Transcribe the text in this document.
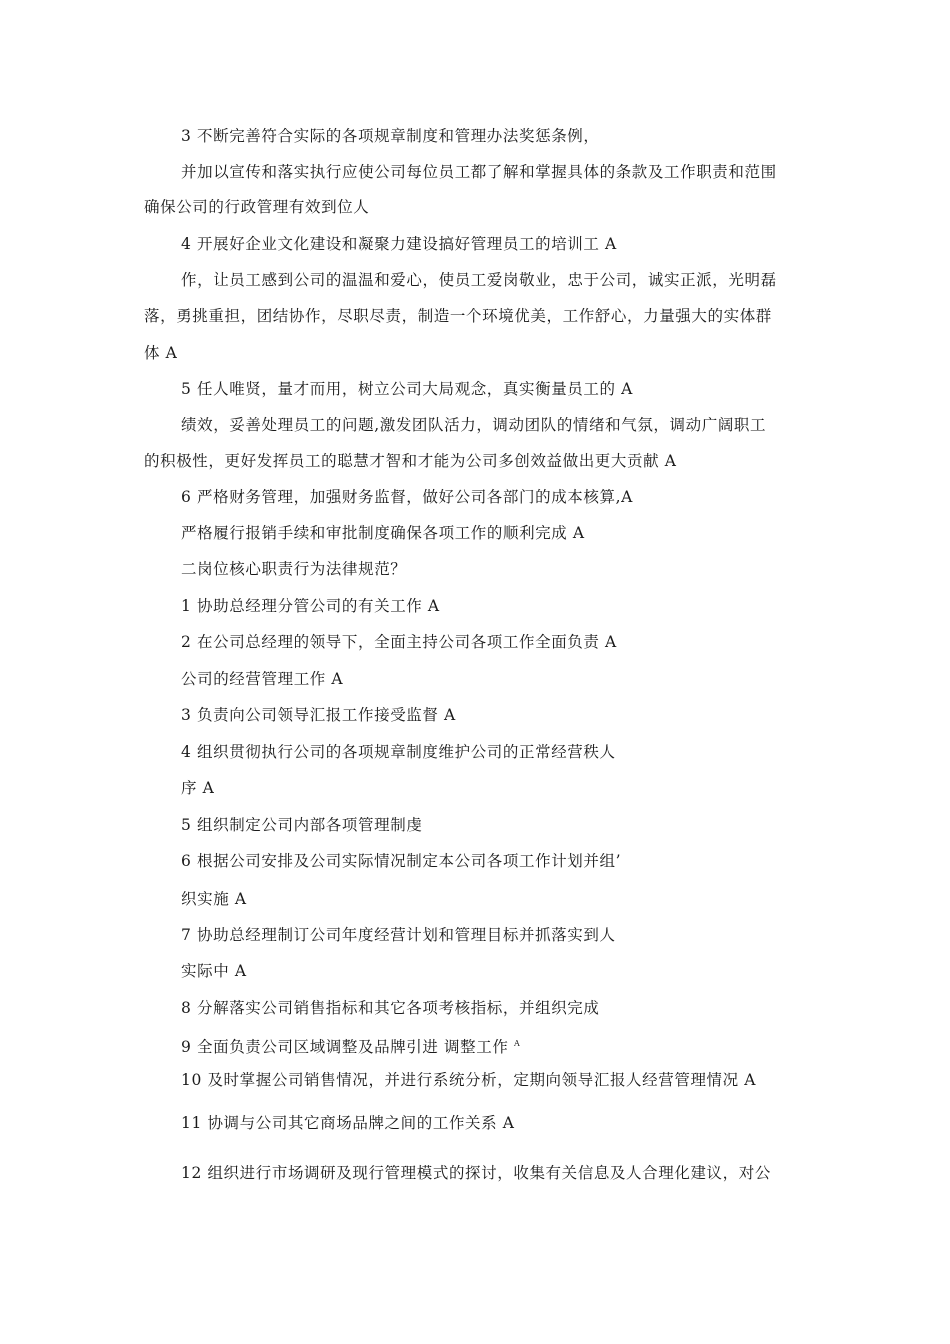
3 不断完善符合实际的各项规章制度和管理办法奖惩条例，

并加以宣传和落实执行应使公司每位员工都了解和掌握具体的条款及工作职责和范围

确保公司的行政管理有效到位人

4 开展好企业文化建设和凝聚力建设搞好管理员工的培训工 A

作，让员工感到公司的温温和爱心，使员工爱岗敬业，忠于公司，诚实正派，光明磊

落，勇挑重担，团结协作，尽职尽责，制造一个环境优美，工作舒心，力量强大的实体群

体 A

5 任人唯贤，量才而用，树立公司大局观念，真实衡量员工的 A

绩效，妥善处理员工的问题,激发团队活力，调动团队的情绪和气氛，调动广阔职工

的积极性，更好发挥员工的聪慧才智和才能为公司多创效益做出更大贡献 A

6 严格财务管理，加强财务监督，做好公司各部门的成本核算,A

严格履行报销手续和审批制度确保各项工作的顺利完成 A

二岗位核心职责行为法律规范？

1 协助总经理分管公司的有关工作 A

2 在公司总经理的领导下，全面主持公司各项工作全面负责 A

公司的经营管理工作 A

3 负责向公司领导汇报工作接受监督 A

4 组织贯彻执行公司的各项规章制度维护公司的正常经营秩人

序 A

5 组织制定公司内部各项管理制虔

6 根据公司安排及公司实际情况制定本公司各项工作计划并组’

织实施 A

7 协助总经理制订公司年度经营计划和管理目标并抓落实到人

实际中 A

8 分解落实公司销售指标和其它各项考核指标，并组织完成

9 全面负责公司区域调整及品牌引进 调整工作 $^A$

10 及时掌握公司销售情况，并进行系统分析，定期向领导汇报人经营管理情况 A

11 协调与公司其它商场品牌之间的工作关系 A

12 组织进行市场调研及现行管理模式的探讨，收集有关信息及人合理化建议，对公
